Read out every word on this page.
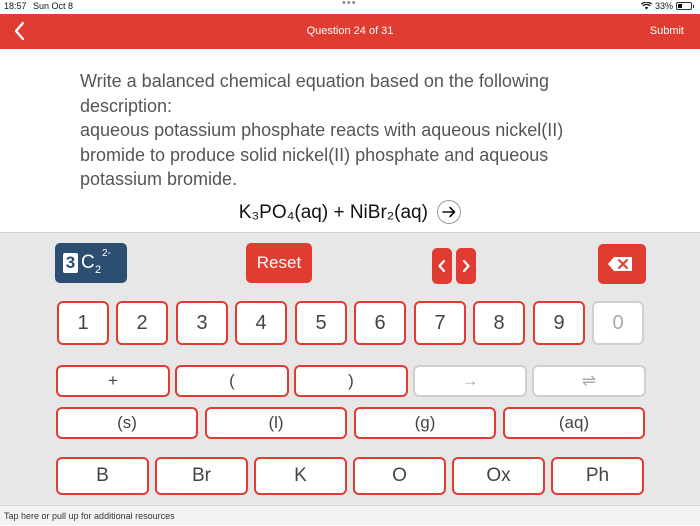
18:57 Sun Oct 8	•••	33%
Question 24 of 31	Submit
Write a balanced chemical equation based on the following
description:
aqueous potassium phosphate reacts with aqueous nickel(II)
bromide to produce solid nickel(II) phosphate and aqueous
potassium bromide.
K₃PO₄(aq) + NiBr₂(aq)
3 C 2
2-	Reset
1	2	3	4	5	6	7	8	9	0
+	(	)	→	⇌
(s)	(l)	(g)	(aq)
B	Br	K	O	Ox	Ph
Tap here or pull up for additional resources
